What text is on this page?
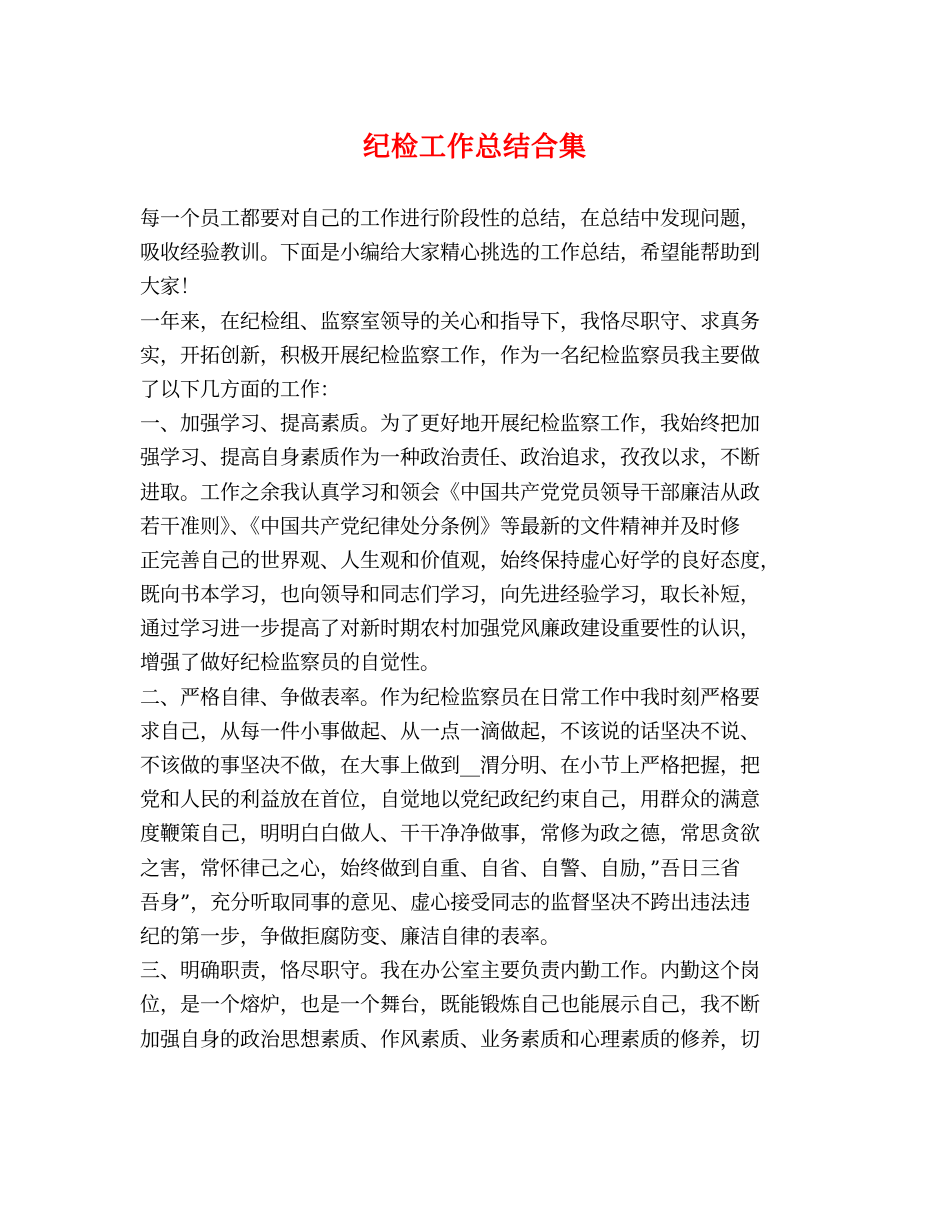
纪检工作总结合集
每一个员工都要对自己的工作进行阶段性的总结，在总结中发现问题，
吸收经验教训。下面是小编给大家精心挑选的工作总结，希望能帮助到
大家！
一年来，在纪检组、监察室领导的关心和指导下，我恪尽职守、求真务
实，开拓创新，积极开展纪检监察工作，作为一名纪检监察员我主要做
了以下几方面的工作：
一、加强学习、提高素质。为了更好地开展纪检监察工作，我始终把加
强学习、提高自身素质作为一种政治责任、政治追求，孜孜以求，不断
进取。工作之余我认真学习和领会《中国共产党党员领导干部廉洁从政
若干准则》、《中国共产党纪律处分条例》等最新的文件精神并及时修
正完善自己的世界观、人生观和价值观，始终保持虚心好学的良好态度，
既向书本学习，也向领导和同志们学习，向先进经验学习，取长补短，
通过学习进一步提高了对新时期农村加强党风廉政建设重要性的认识，
增强了做好纪检监察员的自觉性。
二、严格自律、争做表率。作为纪检监察员在日常工作中我时刻严格要
求自己，从每一件小事做起、从一点一滴做起，不该说的话坚决不说、
不该做的事坚决不做，在大事上做到__渭分明、在小节上严格把握，把
党和人民的利益放在首位，自觉地以党纪政纪约束自己，用群众的满意
度鞭策自己，明明白白做人、干干净净做事，常修为政之德，常思贪欲
之害，常怀律己之心，始终做到自重、自省、自警、自励，”吾日三省
吾身”，充分听取同事的意见、虚心接受同志的监督坚决不跨出违法违
纪的第一步，争做拒腐防变、廉洁自律的表率。
三、明确职责，恪尽职守。我在办公室主要负责内勤工作。内勤这个岗
位，是一个熔炉，也是一个舞台，既能锻炼自己也能展示自己，我不断
加强自身的政治思想素质、作风素质、业务素质和心理素质的修养，切
